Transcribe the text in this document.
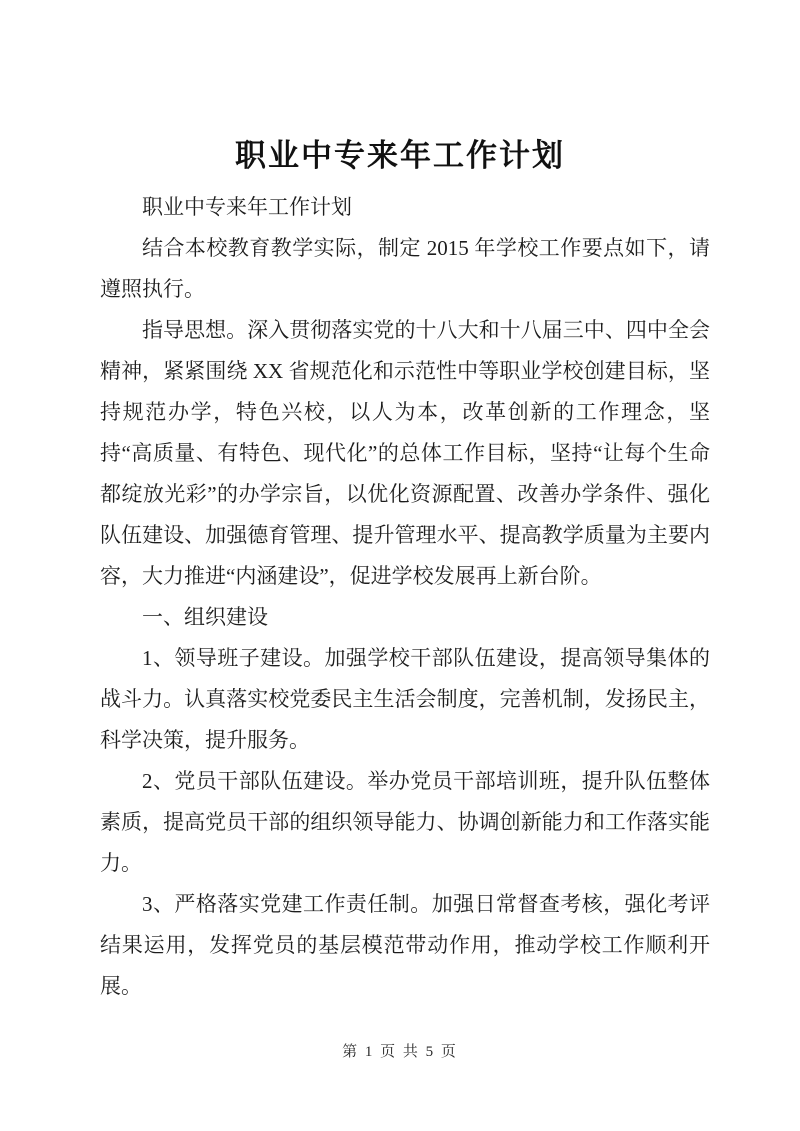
职业中专来年工作计划

职业中专来年工作计划

结合本校教育教学实际，制定 2015 年学校工作要点如下，请遵照执行。

指导思想。深入贯彻落实党的十八大和十八届三中、四中全会精神，紧紧围绕 XX 省规范化和示范性中等职业学校创建目标，坚持规范办学，特色兴校，以人为本，改革创新的工作理念，坚持“高质量、有特色、现代化”的总体工作目标，坚持“让每个生命都绽放光彩”的办学宗旨，以优化资源配置、改善办学条件、强化队伍建设、加强德育管理、提升管理水平、提高教学质量为主要内容，大力推进“内涵建设”，促进学校发展再上新台阶。

一、组织建设

1、领导班子建设。加强学校干部队伍建设，提高领导集体的战斗力。认真落实校党委民主生活会制度，完善机制，发扬民主，科学决策，提升服务。

2、党员干部队伍建设。举办党员干部培训班，提升队伍整体素质，提高党员干部的组织领导能力、协调创新能力和工作落实能力。

3、严格落实党建工作责任制。加强日常督查考核，强化考评结果运用，发挥党员的基层模范带动作用，推动学校工作顺利开展。

第 1 页 共 5 页
